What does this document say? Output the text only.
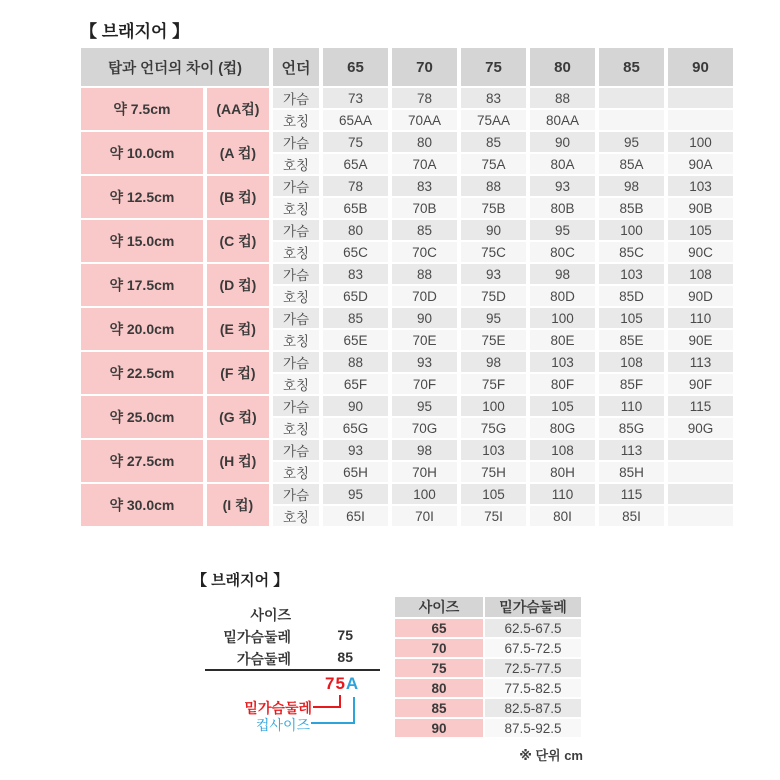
【 브래지어 】
탑과 언더의 차이 (컵)		언더	65	70	75	80	85	90
약 7.5cm	(AA컵)	가슴	73	78	83	88		
		호칭	65AA	70AA	75AA	80AA		
약 10.0cm	(A 컵)	가슴	75	80	85	90	95	100
		호칭	65A	70A	75A	80A	85A	90A
약 12.5cm	(B 컵)	가슴	78	83	88	93	98	103
		호칭	65B	70B	75B	80B	85B	90B
약 15.0cm	(C 컵)	가슴	80	85	90	95	100	105
		호칭	65C	70C	75C	80C	85C	90C
약 17.5cm	(D 컵)	가슴	83	88	93	98	103	108
		호칭	65D	70D	75D	80D	85D	90D
약 20.0cm	(E 컵)	가슴	85	90	95	100	105	110
		호칭	65E	70E	75E	80E	85E	90E
약 22.5cm	(F 컵)	가슴	88	93	98	103	108	113
		호칭	65F	70F	75F	80F	85F	90F
약 25.0cm	(G 컵)	가슴	90	95	100	105	110	115
		호칭	65G	70G	75G	80G	85G	90G
약 27.5cm	(H 컵)	가슴	93	98	103	108	113	
		호칭	65H	70H	75H	80H	85H	
약 30.0cm	(I 컵)	가슴	95	100	105	110	115	
		호칭	65I	70I	75I	80I	85I	
【 브래지어 】
사이즈
밑가슴둘레	75
가슴둘레	85
75A
밑가슴둘레
컵사이즈
사이즈	밑가슴둘레
65	62.5-67.5
70	67.5-72.5
75	72.5-77.5
80	77.5-82.5
85	82.5-87.5
90	87.5-92.5
※ 단위 cm
